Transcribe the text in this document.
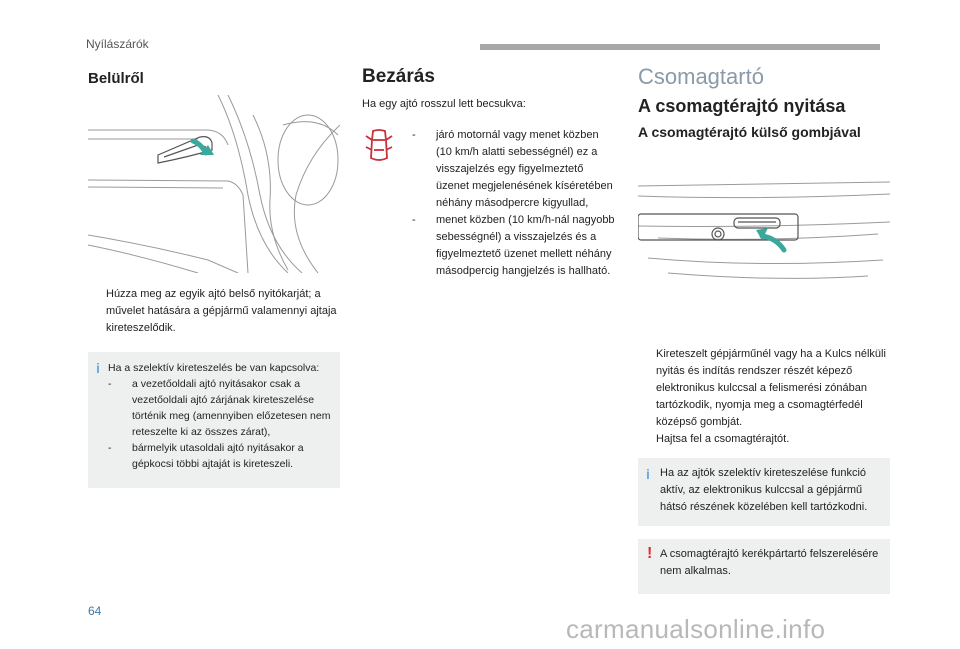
Nyílászárók
Belülről
Húzza meg az egyik ajtó belső nyitókarját; a művelet hatására a gépjármű valamennyi ajtaja kireteszelődik.
i Ha a szelektív kireteszelés be van kapcsolva:
- a vezetőoldali ajtó nyitásakor csak a vezetőoldali ajtó zárjának kireteszelése történik meg (amennyiben előzetesen nem reteszelte ki az összes zárat),
- bármelyik utasoldali ajtó nyitásakor a gépkocsi többi ajtaját is kireteszeli.
Bezárás
Ha egy ajtó rosszul lett becsukva:
- járó motornál vagy menet közben (10 km/h alatti sebességnél) ez a visszajelzés egy figyelmeztető üzenet megjelenésének kíséretében néhány másodpercre kigyullad,
- menet közben (10 km/h-nál nagyobb sebességnél) a visszajelzés és a figyelmeztető üzenet mellett néhány másodpercig hangjelzés is hallható.
Csomagtartó
A csomagtérajtó nyitása
A csomagtérajtó külső gombjával
Kireteszelt gépjárműnél vagy ha a Kulcs nélküli nyitás és indítás rendszer részét képező elektronikus kulccsal a felismerési zónában tartózkodik, nyomja meg a csomagtérfedél középső gombját.
Hajtsa fel a csomagtérajtót.
i Ha az ajtók szelektív kireteszelése funkció aktív, az elektronikus kulccsal a gépjármű hátsó részének közelében kell tartózkodni.
! A csomagtérajtó kerékpártartó felszerelésére nem alkalmas.
64
carmanualsonline.info
